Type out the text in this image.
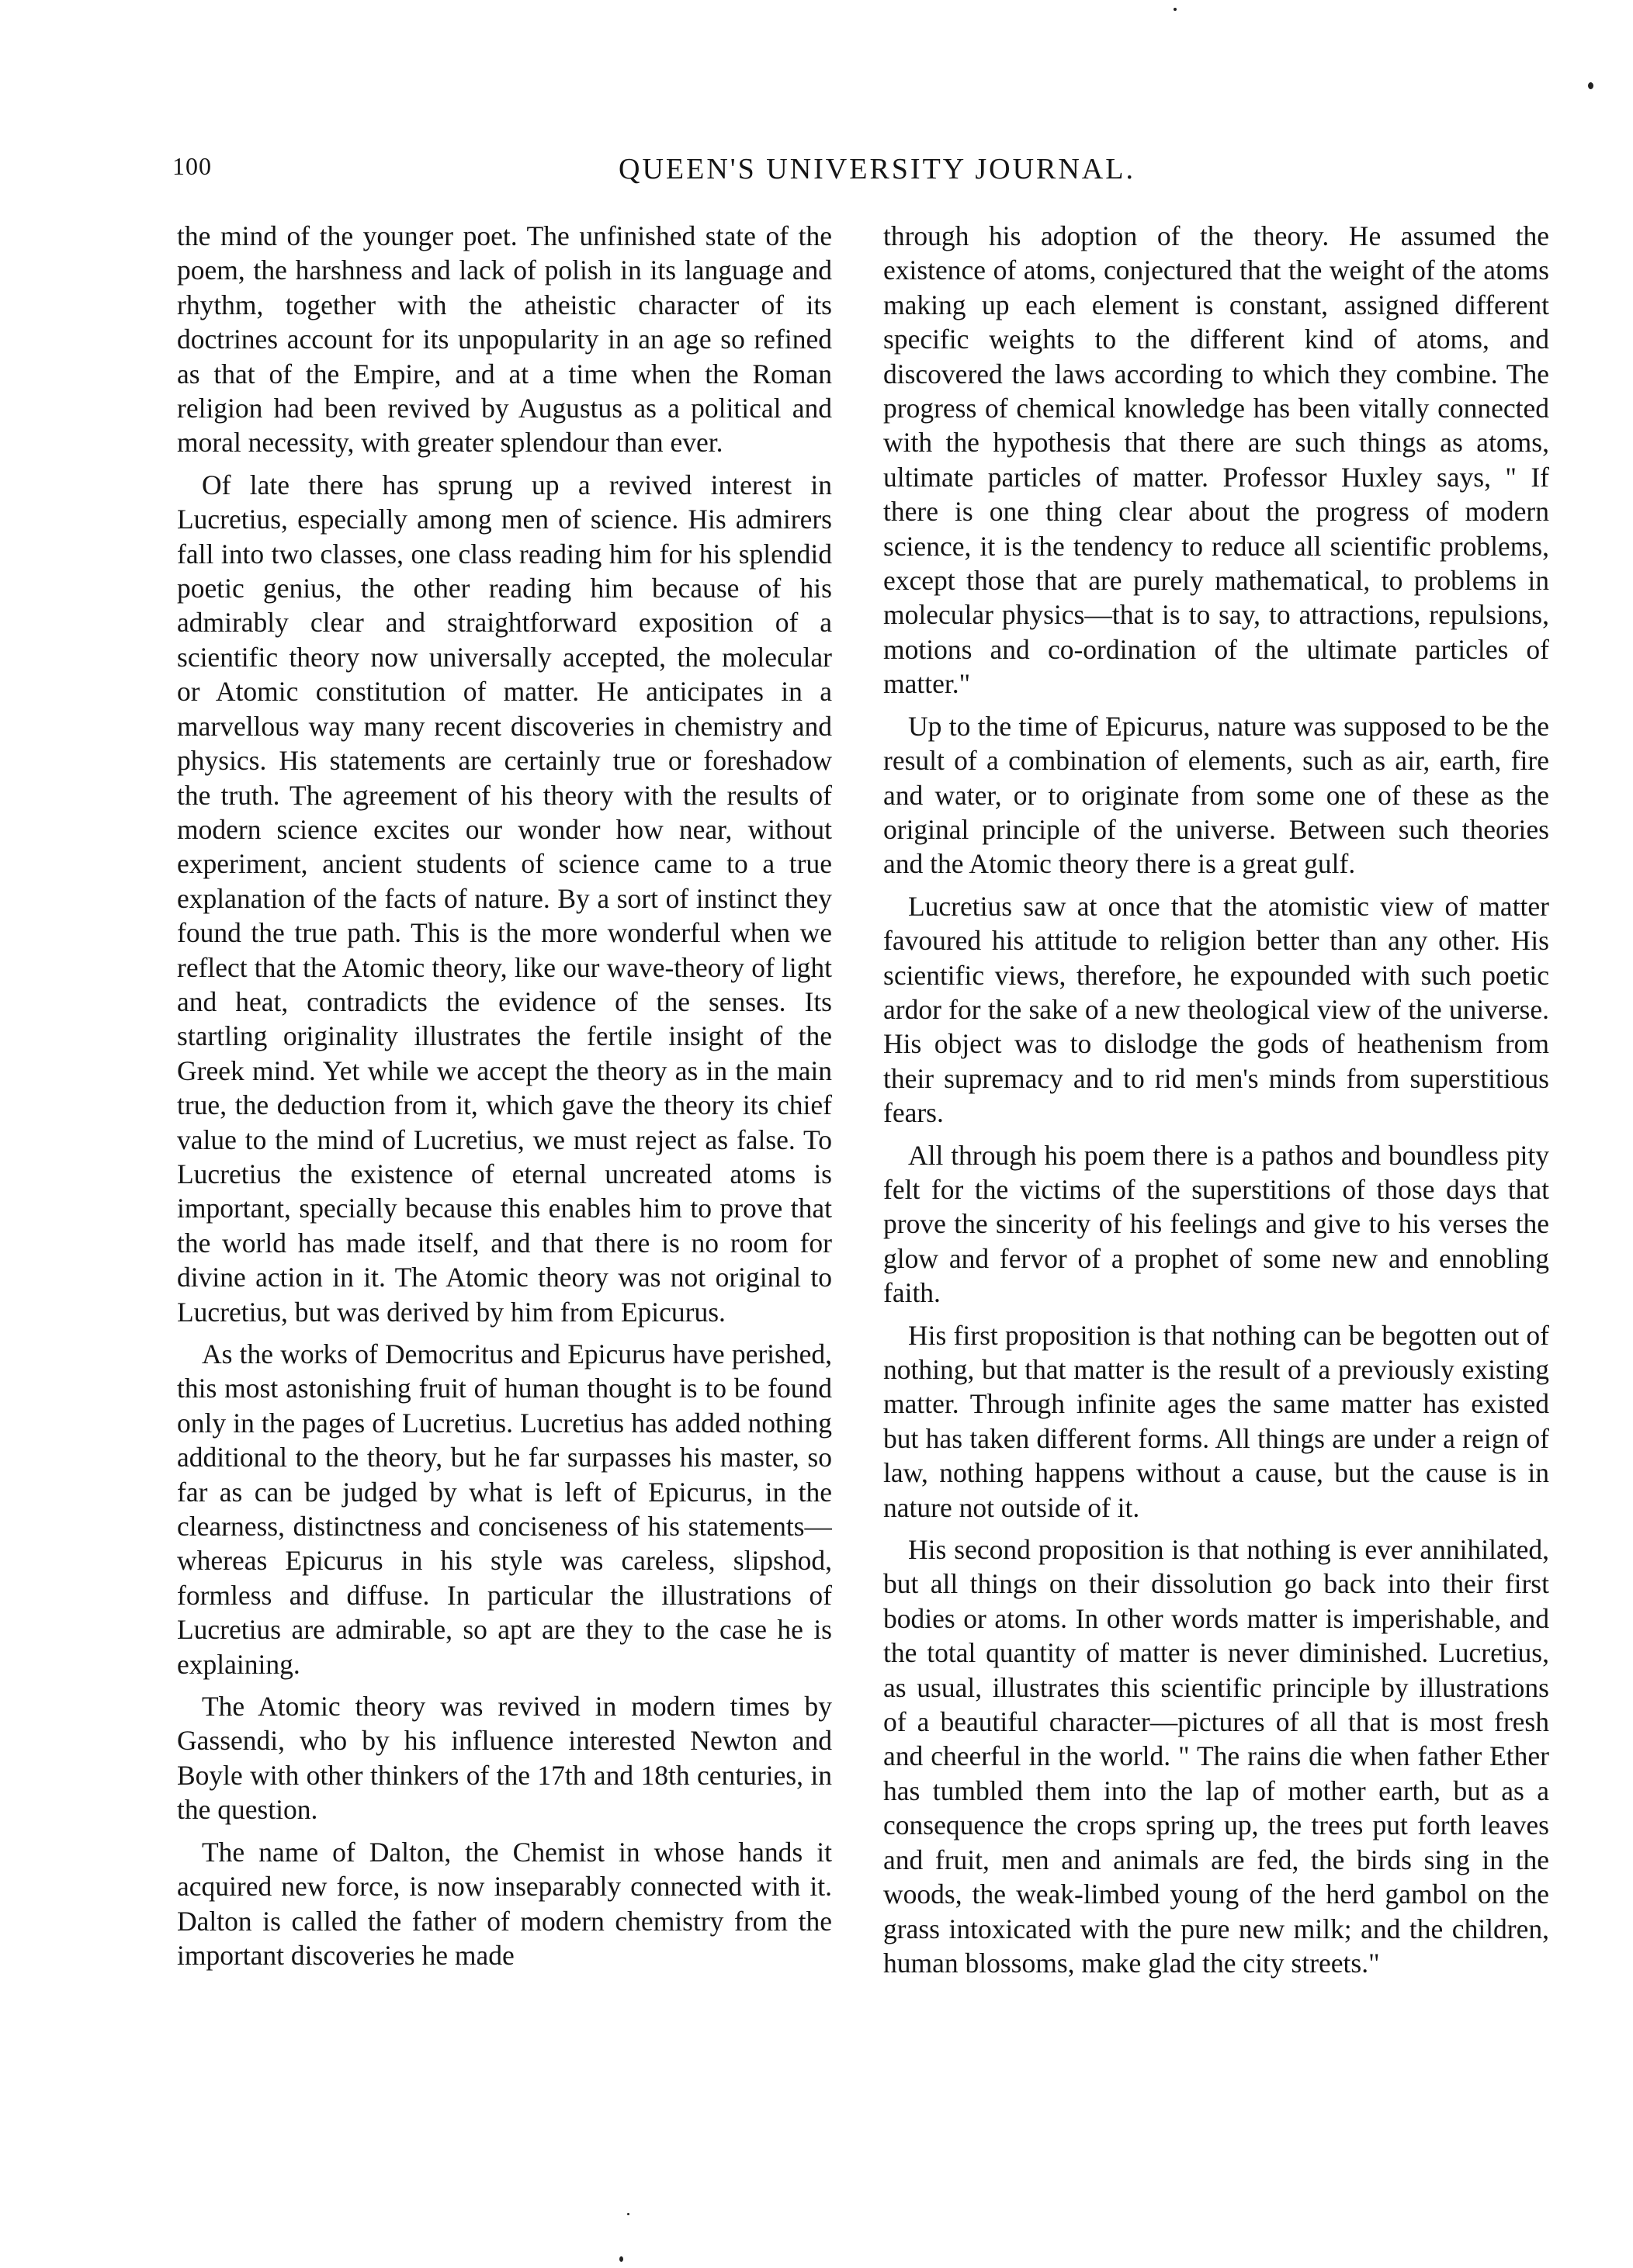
100	QUEEN'S UNIVERSITY JOURNAL.

the mind of the younger poet. The unfinished state of the poem, the harshness and lack of polish in its language and rhythm, together with the atheistic character of its doctrines account for its unpopularity in an age so refined as that of the Empire, and at a time when the Roman religion had been revived by Augustus as a political and moral necessity, with greater splendour than ever.

Of late there has sprung up a revived interest in Lucretius, especially among men of science. His admirers fall into two classes, one class reading him for his splendid poetic genius, the other reading him because of his admirably clear and straightforward exposition of a scientific theory now universally accepted, the molecular or Atomic constitution of matter. He anticipates in a marvellous way many recent discoveries in chemistry and physics. His statements are certainly true or foreshadow the truth. The agreement of his theory with the results of modern science excites our wonder how near, without experiment, ancient students of science came to a true explanation of the facts of nature. By a sort of instinct they found the true path. This is the more wonderful when we reflect that the Atomic theory, like our wave-theory of light and heat, contradicts the evidence of the senses. Its startling originality illustrates the fertile insight of the Greek mind. Yet while we accept the theory as in the main true, the deduction from it, which gave the theory its chief value to the mind of Lucretius, we must reject as false. To Lucretius the existence of eternal uncreated atoms is important, specially because this enables him to prove that the world has made itself, and that there is no room for divine action in it. The Atomic theory was not original to Lucretius, but was derived by him from Epicurus.

As the works of Democritus and Epicurus have perished, this most astonishing fruit of human thought is to be found only in the pages of Lucretius. Lucretius has added nothing additional to the theory, but he far surpasses his master, so far as can be judged by what is left of Epicurus, in the clearness, distinctness and conciseness of his statements—whereas Epicurus in his style was careless, slipshod, formless and diffuse. In particular the illustrations of Lucretius are admirable, so apt are they to the case he is explaining.

The Atomic theory was revived in modern times by Gassendi, who by his influence interested Newton and Boyle with other thinkers of the 17th and 18th centuries, in the question.

The name of Dalton, the Chemist in whose hands it acquired new force, is now inseparably connected with it. Dalton is called the father of modern chemistry from the important discoveries he made

through his adoption of the theory. He assumed the existence of atoms, conjectured that the weight of the atoms making up each element is constant, assigned different specific weights to the different kind of atoms, and discovered the laws according to which they combine. The progress of chemical knowledge has been vitally connected with the hypothesis that there are such things as atoms, ultimate particles of matter. Professor Huxley says, " If there is one thing clear about the progress of modern science, it is the tendency to reduce all scientific problems, except those that are purely mathematical, to problems in molecular physics—that is to say, to attractions, repulsions, motions and co-ordination of the ultimate particles of matter."

Up to the time of Epicurus, nature was supposed to be the result of a combination of elements, such as air, earth, fire and water, or to originate from some one of these as the original principle of the universe. Between such theories and the Atomic theory there is a great gulf.

Lucretius saw at once that the atomistic view of matter favoured his attitude to religion better than any other. His scientific views, therefore, he expounded with such poetic ardor for the sake of a new theological view of the universe. His object was to dislodge the gods of heathenism from their supremacy and to rid men's minds from superstitious fears.

All through his poem there is a pathos and boundless pity felt for the victims of the superstitions of those days that prove the sincerity of his feelings and give to his verses the glow and fervor of a prophet of some new and ennobling faith.

His first proposition is that nothing can be begotten out of nothing, but that matter is the result of a previously existing matter. Through infinite ages the same matter has existed but has taken different forms. All things are under a reign of law, nothing happens without a cause, but the cause is in nature not outside of it.

His second proposition is that nothing is ever annihilated, but all things on their dissolution go back into their first bodies or atoms. In other words matter is imperishable, and the total quantity of matter is never diminished. Lucretius, as usual, illustrates this scientific principle by illustrations of a beautiful character—pictures of all that is most fresh and cheerful in the world. " The rains die when father Ether has tumbled them into the lap of mother earth, but as a consequence the crops spring up, the trees put forth leaves and fruit, men and animals are fed, the birds sing in the woods, the weak-limbed young of the herd gambol on the grass intoxicated with the pure new milk; and the children, human blossoms, make glad the city streets."
